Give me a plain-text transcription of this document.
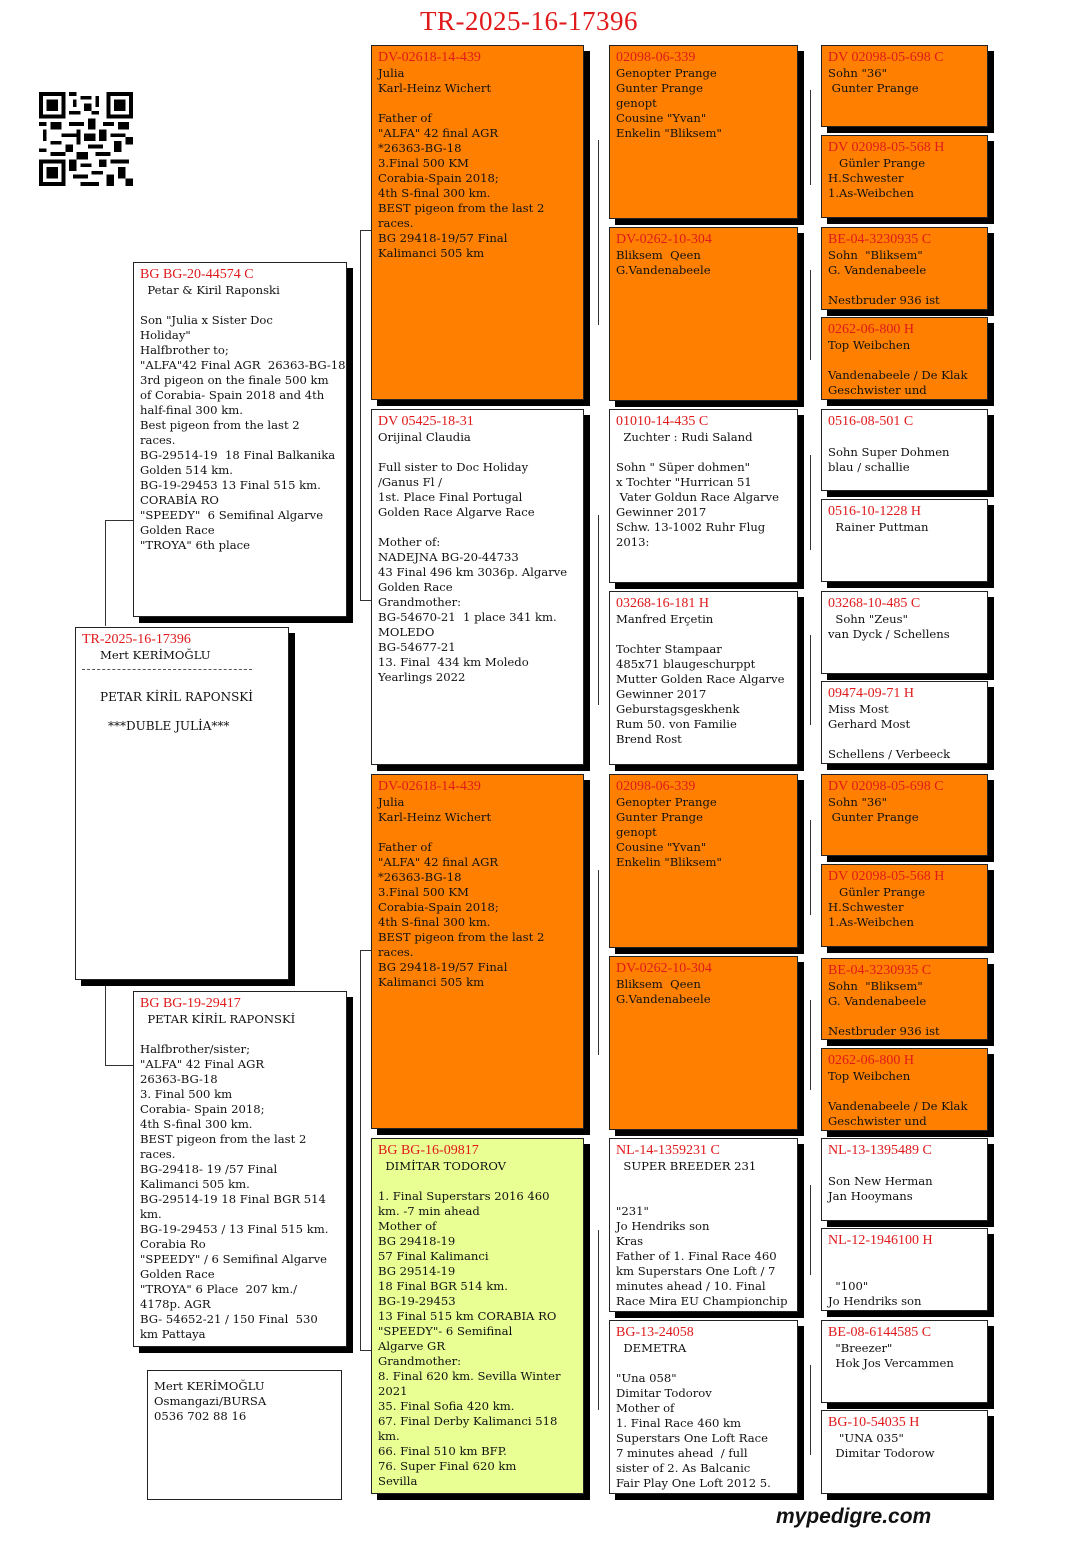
TR-2025-16-17396
TR-2025-16-17396
Mert KERİMOĞLU
PETAR KİRİL RAPONSKİ
***DUBLE JULİA***
BG BG-20-44574 C
Petar & Kiril Raponski
Son "Julia x Sister Doc
Holiday"
Halfbrother to;
"ALFA"42 Final AGR  26363-BG-18
3rd pigeon on the finale 500 km
of Corabia- Spain 2018 and 4th
half-final 300 km.
Best pigeon from the last 2
races.
BG-29514-19  18 Final Balkanika
Golden 514 km.
BG-19-29453 13 Final 515 km.
CORABİA RO
"SPEEDY"  6 Semifinal Algarve
Golden Race
"TROYA" 6th place
BG BG-19-29417
PETAR KİRİL RAPONSKİ
Halfbrother/sister;
"ALFA" 42 Final AGR
26363-BG-18
3. Final 500 km
Corabia- Spain 2018;
4th S-final 300 km.
BEST pigeon from the last 2
races.
BG-29418- 19 /57 Final
Kalimanci 505 km.
BG-29514-19 18 Final BGR 514
km.
BG-19-29453 / 13 Final 515 km.
Corabia Ro
"SPEEDY" / 6 Semifinal Algarve
Golden Race
"TROYA" 6 Place  207 km./
4178p. AGR
BG- 54652-21 / 150 Final  530
km Pattaya
Mert KERİMOĞLU
Osmangazi/BURSA
0536 702 88 16
DV-02618-14-439
Julia
Karl-Heinz Wichert
Father of
"ALFA" 42 final AGR
*26363-BG-18
3.Final 500 KM
Corabia-Spain 2018;
4th S-final 300 km.
BEST pigeon from the last 2
races.
BG 29418-19/57 Final
Kalimanci 505 km
DV 05425-18-31
Orijinal Claudia
Full sister to Doc Holiday
/Ganus Fl /
1st. Place Final Portugal
Golden Race Algarve Race
Mother of:
NADEJNA BG-20-44733
43 Final 496 km 3036p. Algarve
Golden Race
Grandmother:
BG-54670-21  1 place 341 km.
MOLEDO
BG-54677-21
13. Final  434 km Moledo
Yearlings 2022
DV-02618-14-439
Julia
Karl-Heinz Wichert
Father of
"ALFA" 42 final AGR
*26363-BG-18
3.Final 500 KM
Corabia-Spain 2018;
4th S-final 300 km.
BEST pigeon from the last 2
races.
BG 29418-19/57 Final
Kalimanci 505 km
BG BG-16-09817
DIMİTAR TODOROV
1. Final Superstars 2016 460
km. -7 min ahead
Mother of
BG 29418-19
57 Final Kalimanci
BG 29514-19
18 Final BGR 514 km.
BG-19-29453
13 Final 515 km CORABIA RO
"SPEEDY"- 6 Semifinal
Algarve GR
Grandmother:
8. Final 620 km. Sevilla Winter
2021
35. Final Sofia 420 km.
67. Final Derby Kalimanci 518
km.
66. Final 510 km BFP.
76. Super Final 620 km
Sevilla
02098-06-339
Genopter Prange
Gunter Prange
genopt
Cousine "Yvan"
Enkelin "Bliksem"
DV-0262-10-304
Bliksem  Qeen
G.Vandenabeele
01010-14-435 C
Zuchter : Rudi Saland
Sohn " Süper dohmen"
x Tochter "Hurrican 51
Vater Goldun Race Algarve
Gewinner 2017
Schw. 13-1002 Ruhr Flug
2013:
03268-16-181 H
Manfred Erçetin
Tochter Stampaar
485x71 blaugeschurppt
Mutter Golden Race Algarve
Gewinner 2017
Geburstagsgeskhenk
Rum 50. von Familie
Brend Rost
02098-06-339
Genopter Prange
Gunter Prange
genopt
Cousine "Yvan"
Enkelin "Bliksem"
DV-0262-10-304
Bliksem  Qeen
G.Vandenabeele
NL-14-1359231 C
SUPER BREEDER 231
"231"
Jo Hendriks son
Kras
Father of 1. Final Race 460
km Superstars One Loft / 7
minutes ahead / 10. Final
Race Mira EU Championchip
BG-13-24058
DEMETRA
"Una 058"
Dimitar Todorov
Mother of
1. Final Race 460 km
Superstars One Loft Race
7 minutes ahead  / full
sister of 2. As Balcanic
Fair Play One Loft 2012 5.
DV 02098-05-698 C
Sohn "36"
Gunter Prange
DV 02098-05-568 H
Günler Prange
H.Schwester
1.As-Weibchen
BE-04-3230935 C
Sohn  "Bliksem"
G. Vandenabeele
Nestbruder 936 ist
0262-06-800 H
Top Weibchen
Vandenabeele / De Klak
Geschwister und
0516-08-501 C
Sohn Super Dohmen
blau / schallie
0516-10-1228 H
Rainer Puttman
03268-10-485 C
Sohn "Zeus"
van Dyck / Schellens
09474-09-71 H
Miss Most
Gerhard Most
Schellens / Verbeeck
DV 02098-05-698 C
Sohn "36"
Gunter Prange
DV 02098-05-568 H
Günler Prange
H.Schwester
1.As-Weibchen
BE-04-3230935 C
Sohn  "Bliksem"
G. Vandenabeele
Nestbruder 936 ist
0262-06-800 H
Top Weibchen
Vandenabeele / De Klak
Geschwister und
NL-13-1395489 C
Son New Herman
Jan Hooymans
NL-12-1946100 H
"100"
Jo Hendriks son
BE-08-6144585 C
"Breezer"
Hok Jos Vercammen
BG-10-54035 H
"UNA 035"
Dimitar Todorow
mypedigre.com
